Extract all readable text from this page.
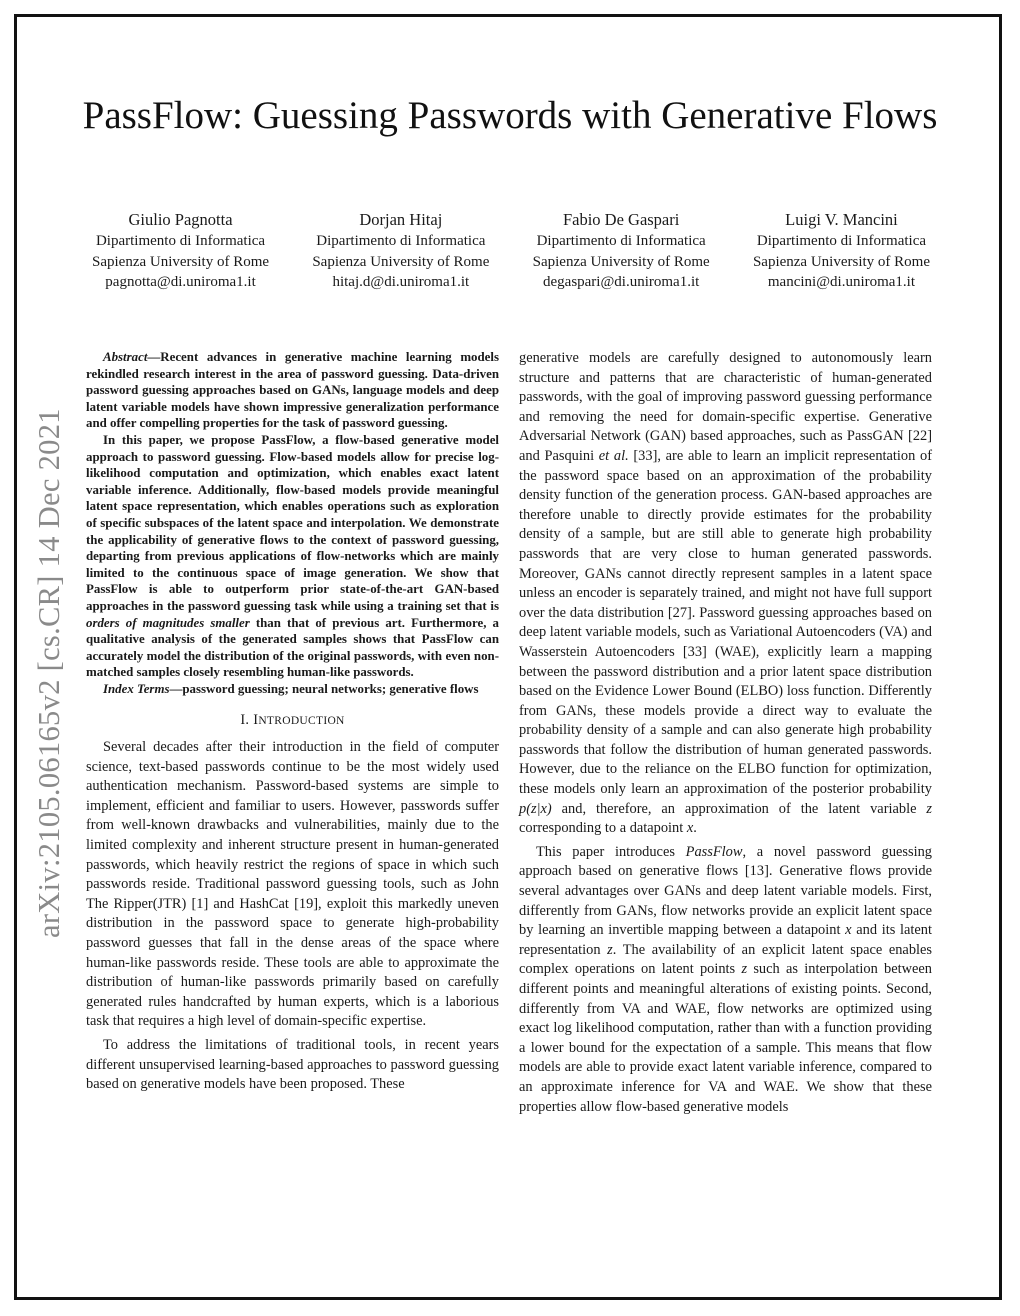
PassFlow: Guessing Passwords with Generative Flows
Giulio Pagnotta
Dipartimento di Informatica
Sapienza University of Rome
pagnotta@di.uniroma1.it
Dorjan Hitaj
Dipartimento di Informatica
Sapienza University of Rome
hitaj.d@di.uniroma1.it
Fabio De Gaspari
Dipartimento di Informatica
Sapienza University of Rome
degaspari@di.uniroma1.it
Luigi V. Mancini
Dipartimento di Informatica
Sapienza University of Rome
mancini@di.uniroma1.it
arXiv:2105.06165v2 [cs.CR] 14 Dec 2021

Abstract—Recent advances in generative machine learning models rekindled research interest in the area of password guessing. Data-driven password guessing approaches based on GANs, language models and deep latent variable models have shown impressive generalization performance and offer compelling properties for the task of password guessing.

In this paper, we propose PassFlow, a flow-based generative model approach to password guessing. Flow-based models allow for precise log-likelihood computation and optimization, which enables exact latent variable inference. Additionally, flow-based models provide meaningful latent space representation, which enables operations such as exploration of specific subspaces of the latent space and interpolation. We demonstrate the applicability of generative flows to the context of password guessing, departing from previous applications of flow-networks which are mainly limited to the continuous space of image generation. We show that PassFlow is able to outperform prior state-of-the-art GAN-based approaches in the password guessing task while using a training set that is orders of magnitudes smaller than that of previous art. Furthermore, a qualitative analysis of the generated samples shows that PassFlow can accurately model the distribution of the original passwords, with even non-matched samples closely resembling human-like passwords.

Index Terms—password guessing; neural networks; generative flows

I. INTRODUCTION

Several decades after their introduction in the field of computer science, text-based passwords continue to be the most widely used authentication mechanism. Password-based systems are simple to implement, efficient and familiar to users. However, passwords suffer from well-known drawbacks and vulnerabilities, mainly due to the limited complexity and inherent structure present in human-generated passwords, which heavily restrict the regions of space in which such passwords reside. Traditional password guessing tools, such as John The Ripper(JTR) [1] and HashCat [19], exploit this markedly uneven distribution in the password space to generate high-probability password guesses that fall in the dense areas of the space where human-like passwords reside. These tools are able to approximate the distribution of human-like passwords primarily based on carefully generated rules handcrafted by human experts, which is a laborious task that requires a high level of domain-specific expertise.

To address the limitations of traditional tools, in recent years different unsupervised learning-based approaches to password guessing based on generative models have been proposed. These

generative models are carefully designed to autonomously learn structure and patterns that are characteristic of human-generated passwords, with the goal of improving password guessing performance and removing the need for domain-specific expertise. Generative Adversarial Network (GAN) based approaches, such as PassGAN [22] and Pasquini et al. [33], are able to learn an implicit representation of the password space based on an approximation of the probability density function of the generation process. GAN-based approaches are therefore unable to directly provide estimates for the probability density of a sample, but are still able to generate high probability passwords that are very close to human generated passwords. Moreover, GANs cannot directly represent samples in a latent space unless an encoder is separately trained, and might not have full support over the data distribution [27]. Password guessing approaches based on deep latent variable models, such as Variational Autoencoders (VA) and Wasserstein Autoencoders [33] (WAE), explicitly learn a mapping between the password distribution and a prior latent space distribution based on the Evidence Lower Bound (ELBO) loss function. Differently from GANs, these models provide a direct way to evaluate the probability density of a sample and can also generate high probability passwords that follow the distribution of human generated passwords. However, due to the reliance on the ELBO function for optimization, these models only learn an approximation of the posterior probability p(z|x) and, therefore, an approximation of the latent variable z corresponding to a datapoint x.

This paper introduces PassFlow, a novel password guessing approach based on generative flows [13]. Generative flows provide several advantages over GANs and deep latent variable models. First, differently from GANs, flow networks provide an explicit latent space by learning an invertible mapping between a datapoint x and its latent representation z. The availability of an explicit latent space enables complex operations on latent points z such as interpolation between different points and meaningful alterations of existing points. Second, differently from VA and WAE, flow networks are optimized using exact log likelihood computation, rather than with a function providing a lower bound for the expectation of a sample. This means that flow models are able to provide exact latent variable inference, compared to an approximate inference for VA and WAE. We show that these properties allow flow-based generative models
